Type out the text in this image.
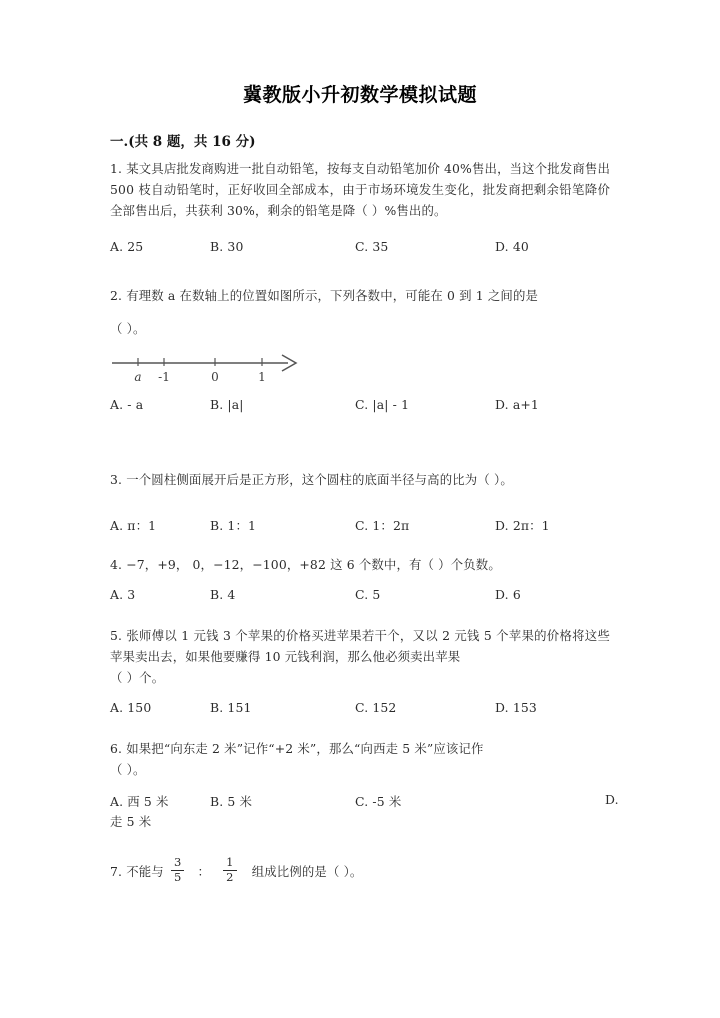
冀教版小升初数学模拟试题
一.(共 8 题，共 16 分)
1. 某文具店批发商购进一批自动铅笔，按每支自动铅笔加价 40%售出，当这个批发商售出 500 枝自动铅笔时，正好收回全部成本，由于市场环境发生变化，批发商把剩余铅笔降价全部售出后，共获利 30%，剩余的铅笔是降（ ）%售出的。
A. 25	B. 30	C. 35	D. 40
2. 有理数 a 在数轴上的位置如图所示，下列各数中，可能在 0 到 1 之间的是
（ ）。
a -1	0	1
A. ‑ a	B. |a|	C. |a| ‑ 1	D. a+1
3. 一个圆柱侧面展开后是正方形，这个圆柱的底面半径与高的比为（ ）。
A. π：1	B. 1：1	C. 1：2π	D. 2π：1
4. −7，+9， 0，−12，−100，+82 这 6 个数中，有（ ）个负数。
A. 3	B. 4	C. 5	D. 6
5. 张师傅以 1 元钱 3 个苹果的价格买进苹果若干个，又以 2 元钱 5 个苹果的价格将这些苹果卖出去，如果他要赚得 10 元钱利润，那么他必须卖出苹果
（ ）个。
A. 150	B. 151	C. 152	D. 153
6. 如果把“向东走 2 米”记作“+2 米”，那么“向西走 5 米”应该记作
（ ）。
A. 西 5 米	B. 5 米	C. -5 米	D.
走 5 米
7. 不能与 $\frac{3}{5}$ ： $\frac{1}{2}$ 组成比例的是（ ）。
